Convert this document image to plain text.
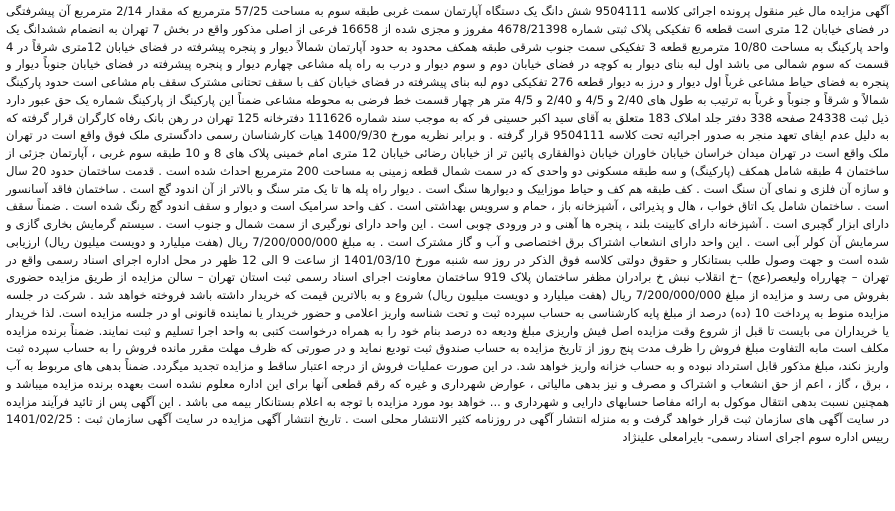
آگهی مزایده مال غیر منقول پرونده اجرائی کلاسه 9504111 شش دانگ یک دستگاه آپارتمان سمت غربی طبقه سوم به مساحت 57/25 مترمربع که مقدار 2/14 مترمربع آن پیشرفتگی در فضای خیابان 12 متری است قطعه 6 تفکیکی پلاک ثبتی شماره 4678/21398 مفروز و مجزی شده از 16658 فرعی از اصلی مذکور واقع در بخش 7 تهران به انضمام ششدانگ یک واحد پارکینگ به مساحت 10/80 مترمربع قطعه 3 تفکیکی سمت جنوب شرقی طبقه همکف محدود به حدود آپارتمان شمالاً دیوار و پنجره پیشرفته در فضای خیابان 12متری شرقاً در 4 قسمت که سوم شمالی می باشد اول لبه بنای دیوار به کوچه در فضای خیابان دوم و سوم دیوار و درب به راه پله مشاعی چهارم دیوار و پنجره پیشرفته در فضای خیابان جنوباً دیوار و پنجره به فضای حیاط مشاعی غرباً اول دیوار و درز به دیوار قطعه 276 تفکیکی دوم لبه بنای پیشرفته در فضای خیابان کف با سقف تحتانی مشترک سقف بام مشاعی است حدود پارکینگ شمالاً و شرقاً و جنوباً و غرباً به ترتیب به طول های 2/40 و 4/5 و 2/40 و 4/5 متر هر چهار قسمت خط فرضی به محوطه مشاعی ضمناً این پارکینگ از پارکینگ شماره یک حق عبور دارد ذیل ثبت 24338 صفحه 338 دفتر جلد املاک 183 متعلق به آقای سید اکبر حسینی فر که به موجب سند شماره 111626 دفترخانه 125 تهران در رهن بانک رفاه کارگران قرار گرفته که به دلیل عدم ایفای تعهد منجر به صدور اجرائیه تحت کلاسه 9504111 قرار گرفته . و برابر نظریه مورخ 1400/9/30 هیات کارشناسان رسمی دادگستری ملک فوق واقع است در تهران ملک واقع است در تهران میدان خراسان خیابان خاوران خیابان ذوالفقاری پائین تر از خیابان رضائی خیابان 12 متری امام خمینی پلاک های 8 و 10 طبقه سوم غربی ، آپارتمان جزئی از ساختمان 4 طبقه شامل همکف (پارکینگ) و سه طبقه مسکونی دو واحدی که در سمت شمال قطعه زمینی به مساحت 200 مترمربع احداث شده است . قدمت ساختمان حدود 20 سال و سازه آن فلزی و نمای آن سنگ است . کف طبقه هم کف و حیاط موزاییک و دیوارها سنگ است . دیوار راه پله ها تا یک متر سنگ و بالاتر از آن اندود گچ است . ساختمان فاقد آسانسور است . ساختمان شامل یک اتاق خواب ، هال و پذیرائی ، آشپزخانه باز ، حمام و سرویس بهداشتی است . کف واحد سرامیک است و دیوار و سقف اندود گچ رنگ شده است . ضمناً سقف دارای ابزار گچبری است . آشپزخانه دارای کابینت بلند ، پنجره ها آهنی و در ورودی چوبی است . این واحد دارای نورگیری از سمت شمال و جنوب است . سیستم گرمایش بخاری گازی و سرمایش آن کولر آبی است . این واحد دارای انشعاب اشتراک برق اختصاصی و آب و گاز مشترک است . به مبلغ 7/200/000/000 ریال (هفت میلیارد و دویست میلیون ریال) ارزیابی شده است و جهت وصول طلب بستانکار و حقوق دولتی کلاسه فوق الذکر در روز سه شنبه مورخ 1401/03/10 از ساعت 9 الی 12 ظهر در محل اداره اجرای اسناد رسمی واقع در تهران – چهارراه ولیعصر(عج) –خ انقلاب نبش خ برادران مظفر ساختمان پلاک 919 ساختمان معاونت اجرای اسناد رسمی ثبت استان تهران – سالن مزایده از طریق مزایده حضوری بفروش می رسد و مزایده از مبلغ 7/200/000/000 ریال (هفت میلیارد و دویست میلیون ریال) شروع و به بالاترین قیمت که خریدار داشته باشد فروخته خواهد شد . شرکت در جلسه مزایده منوط به پرداخت 10 (ده) درصد از مبلغ پایه کارشناسی به حساب سپرده ثبت و تحت شناسه واریز اعلامی و حضور خریدار یا نماینده قانونی او در جلسه مزایده است. لذا خریدار یا خریداران می بایست تا قبل از شروع وقت مزایده اصل فیش واریزی مبلغ ودیعه ده درصد بنام خود را به همراه درخواست کتبی به واحد اجرا تسلیم و ثبت نمایند. ضمناً برنده مزایده مکلف است مابه التفاوت مبلغ فروش را ظرف مدت پنج روز از تاریخ مزایده به حساب صندوق ثبت تودیع نماید و در صورتی که ظرف مهلت مقرر مانده فروش را به حساب سپرده ثبت واریز نکند، مبلغ مذکور قابل استرداد نبوده و به حساب خزانه واریز خواهد شد. در این صورت عملیات فروش از درجه اعتبار ساقط و مزایده تجدید میگردد. ضمناً بدهی های مربوط به آب ، برق ، گاز ، اعم از حق انشعاب و اشتراک و مصرف و نیز بدهی مالیاتی ، عوارض شهرداری و غیره که رقم قطعی آنها برای این اداره معلوم نشده است بعهده برنده مزایده میباشد و همچنین نسبت بدهی انتقال موکول به ارائه مفاصا حسابهای دارایی و شهرداری و ... خواهد بود مورد مزایده با توجه به اعلام بستانکار بیمه می باشد . این آگهی پس از تائید فرآیند مزایده در سایت آگهی های سازمان ثبت قرار خواهد گرفت و به منزله انتشار آگهی در روزنامه کثیر الانتشار محلی است . تاریخ انتشار آگهی مزایده در سایت آگهی سازمان ثبت : 1401/02/25 رییس اداره سوم اجرای اسناد رسمی- بایرامعلی علینژاد
